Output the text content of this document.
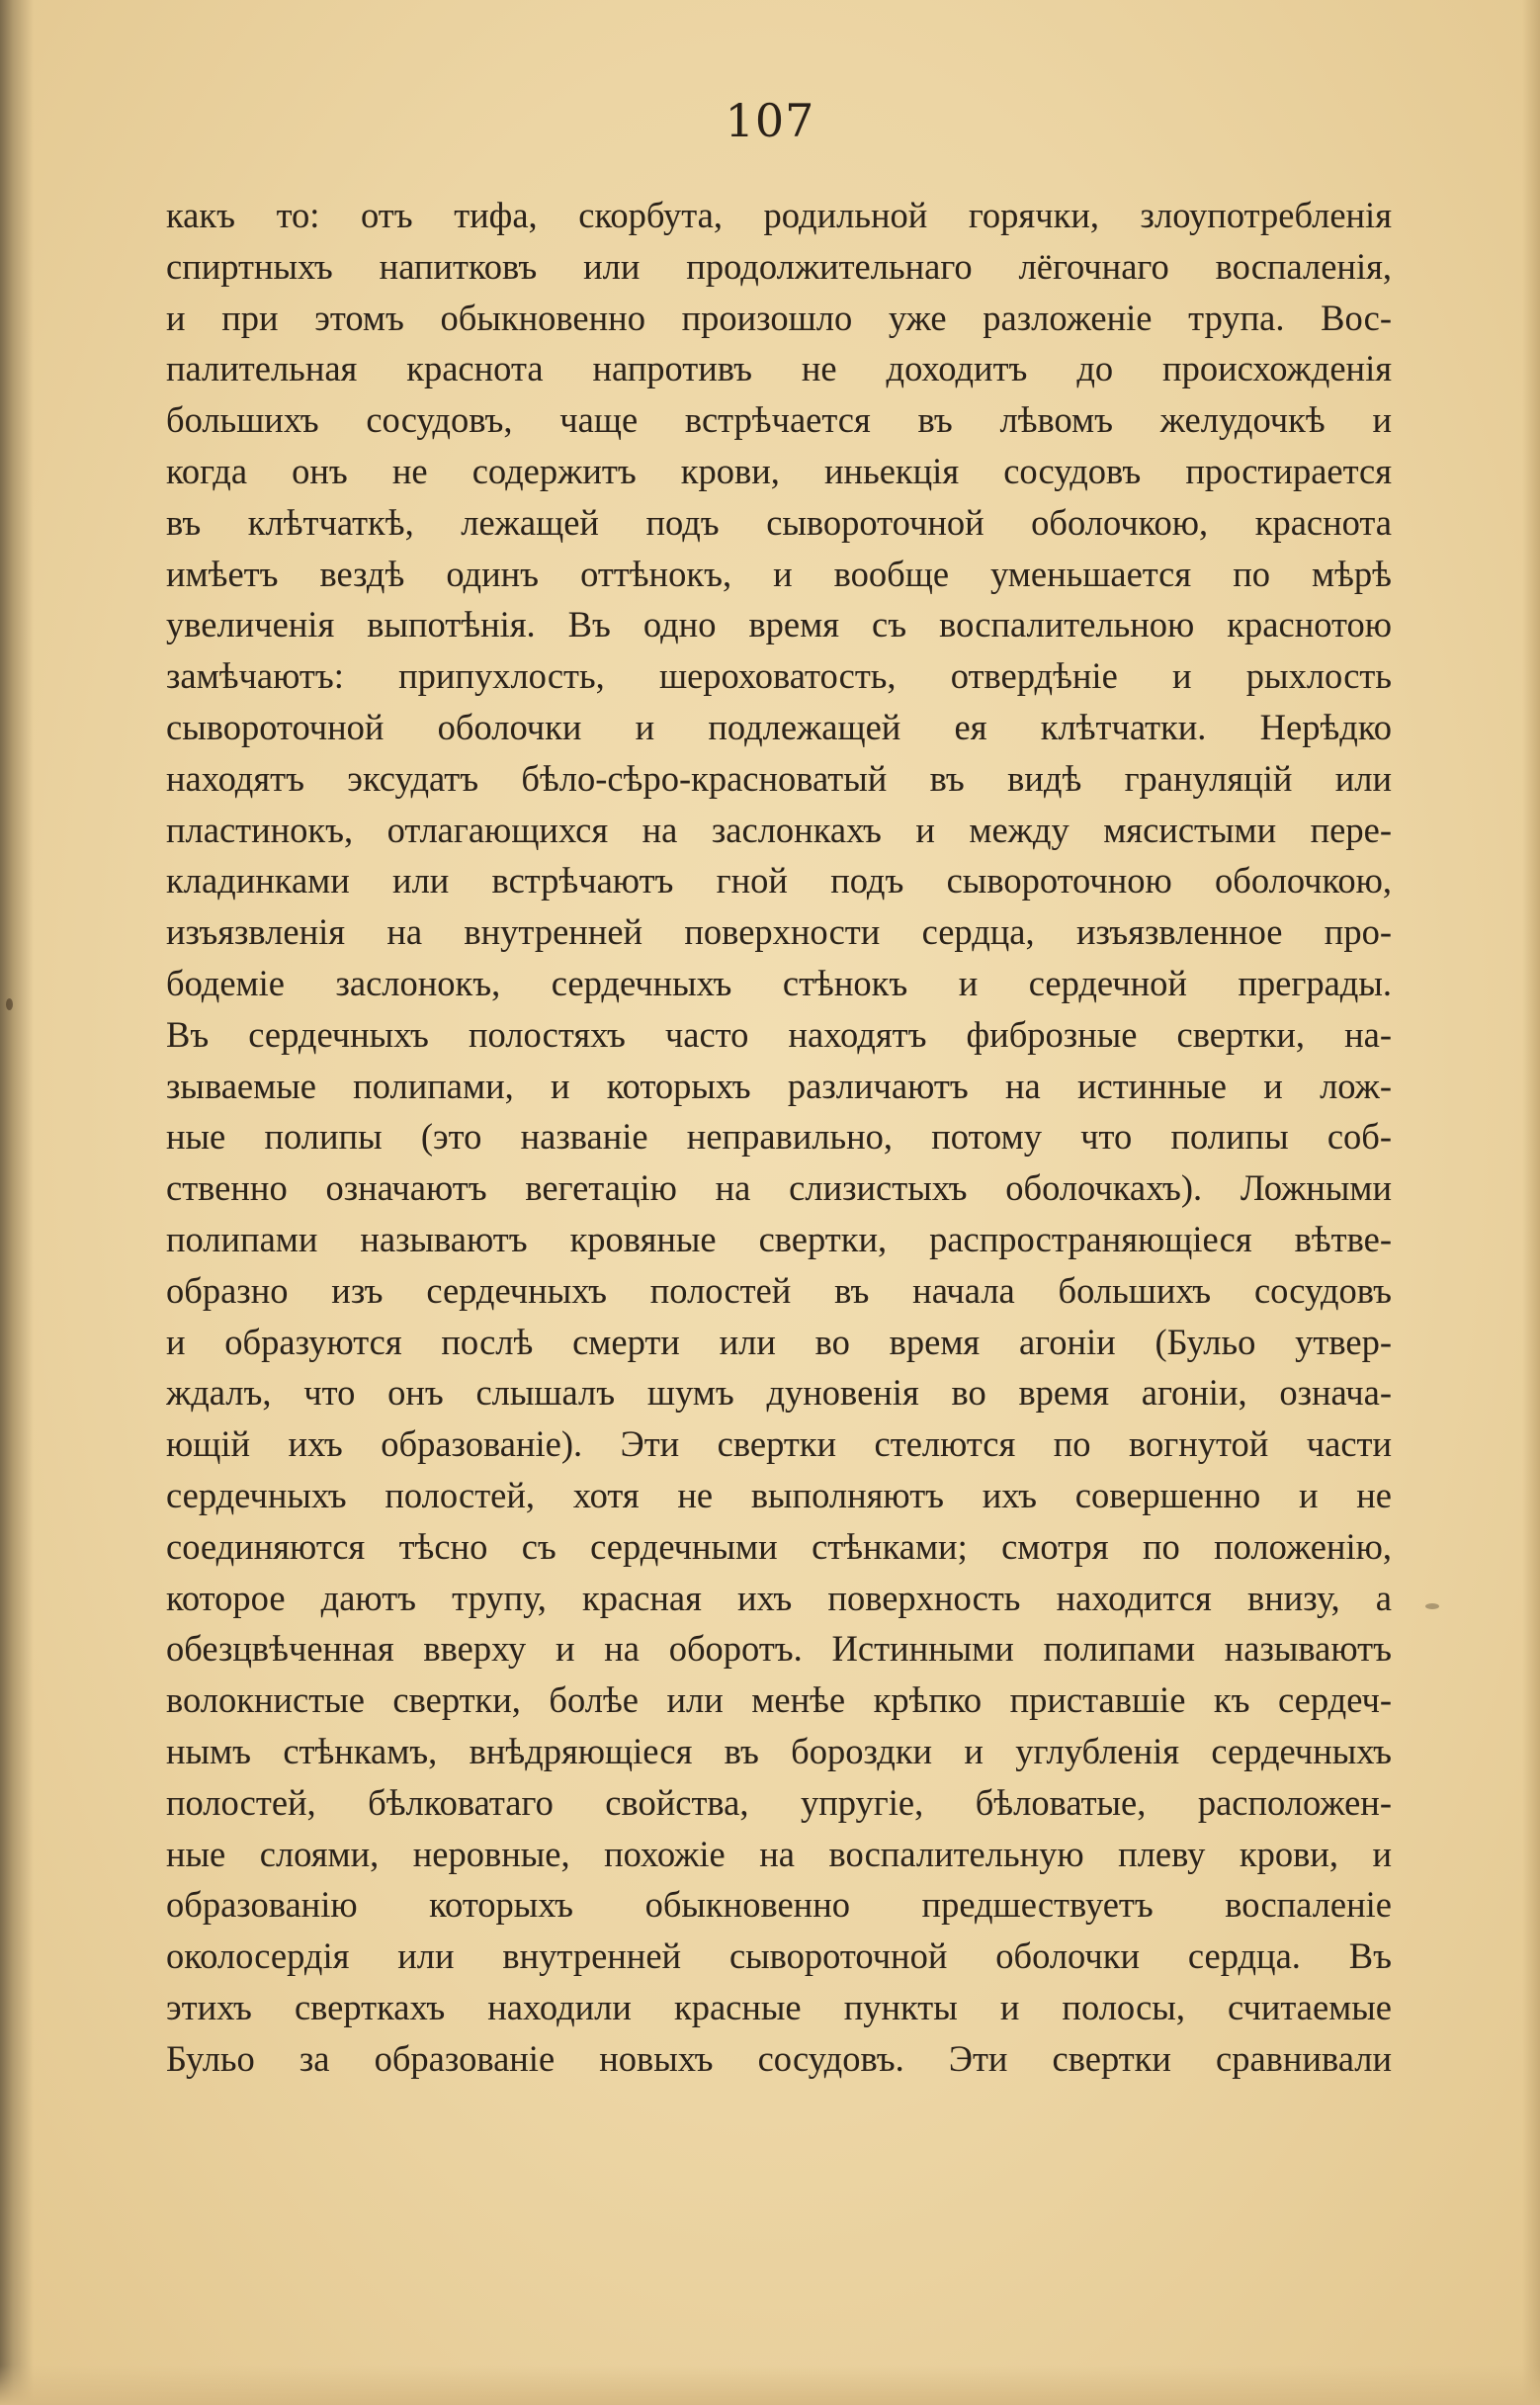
107
какъ то: отъ тифа, скорбута, родильной горячки, злоупотребленія
спиртныхъ напитковъ или продолжительнаго лёгочнаго воспаленія,
и при этомъ обыкновенно произошло уже разложеніе трупа. Вос-
палительная краснота напротивъ не доходитъ до происхожденія
большихъ сосудовъ, чаще встрѣчается въ лѣвомъ желудочкѣ и
когда онъ не содержитъ крови, иньекція сосудовъ простирается
въ клѣтчаткѣ, лежащей подъ сывороточной оболочкою, краснота
имѣетъ вездѣ одинъ оттѣнокъ, и вообще уменьшается по мѣрѣ
увеличенія выпотѣнія. Въ одно время съ воспалительною краснотою
замѣчаютъ: припухлость, шероховатость, отвердѣніе и рыхлость
сывороточной оболочки и подлежащей ея клѣтчатки. Нерѣдко
находятъ эксудатъ бѣло-сѣро-красноватый въ видѣ грануляцій или
пластинокъ, отлагающихся на заслонкахъ и между мясистыми пере-
кладинками или встрѣчаютъ гной подъ сывороточною оболочкою,
изъязвленія на внутренней поверхности сердца, изъязвленное про-
бодеміе заслонокъ, сердечныхъ стѣнокъ и сердечной преграды.
Въ сердечныхъ полостяхъ часто находятъ фиброзные свертки, на-
зываемые полипами, и которыхъ различаютъ на истинные и лож-
ные полипы (это названіе неправильно, потому что полипы соб-
ственно означаютъ вегетацію на слизистыхъ оболочкахъ). Ложными
полипами называютъ кровяные свертки, распространяющіеся вѣтве-
образно изъ сердечныхъ полостей въ начала большихъ сосудовъ
и образуются послѣ смерти или во время агоніи (Бульо утвер-
ждалъ, что онъ слышалъ шумъ дуновенія во время агоніи, означа-
ющій ихъ образованіе). Эти свертки стелются по вогнутой части
сердечныхъ полостей, хотя не выполняютъ ихъ совершенно и не
соединяются тѣсно съ сердечными стѣнками; смотря по положенію,
которое даютъ трупу, красная ихъ поверхность находится внизу, а
обезцвѣченная вверху и на оборотъ. Истинными полипами называютъ
волокнистые свертки, болѣе или менѣе крѣпко приставшіе къ сердеч-
нымъ стѣнкамъ, внѣдряющіеся въ бороздки и углубленія сердечныхъ
полостей, бѣлковатаго свойства, упругіе, бѣловатые, расположен-
ные слоями, неровные, похожіе на воспалительную плеву крови, и
образованію которыхъ обыкновенно предшествуетъ воспаленіе
околосердія или внутренней сывороточной оболочки сердца. Въ
этихъ сверткахъ находили красные пункты и полосы, считаемые
Бульо за образованіе новыхъ сосудовъ. Эти свертки сравнивали
